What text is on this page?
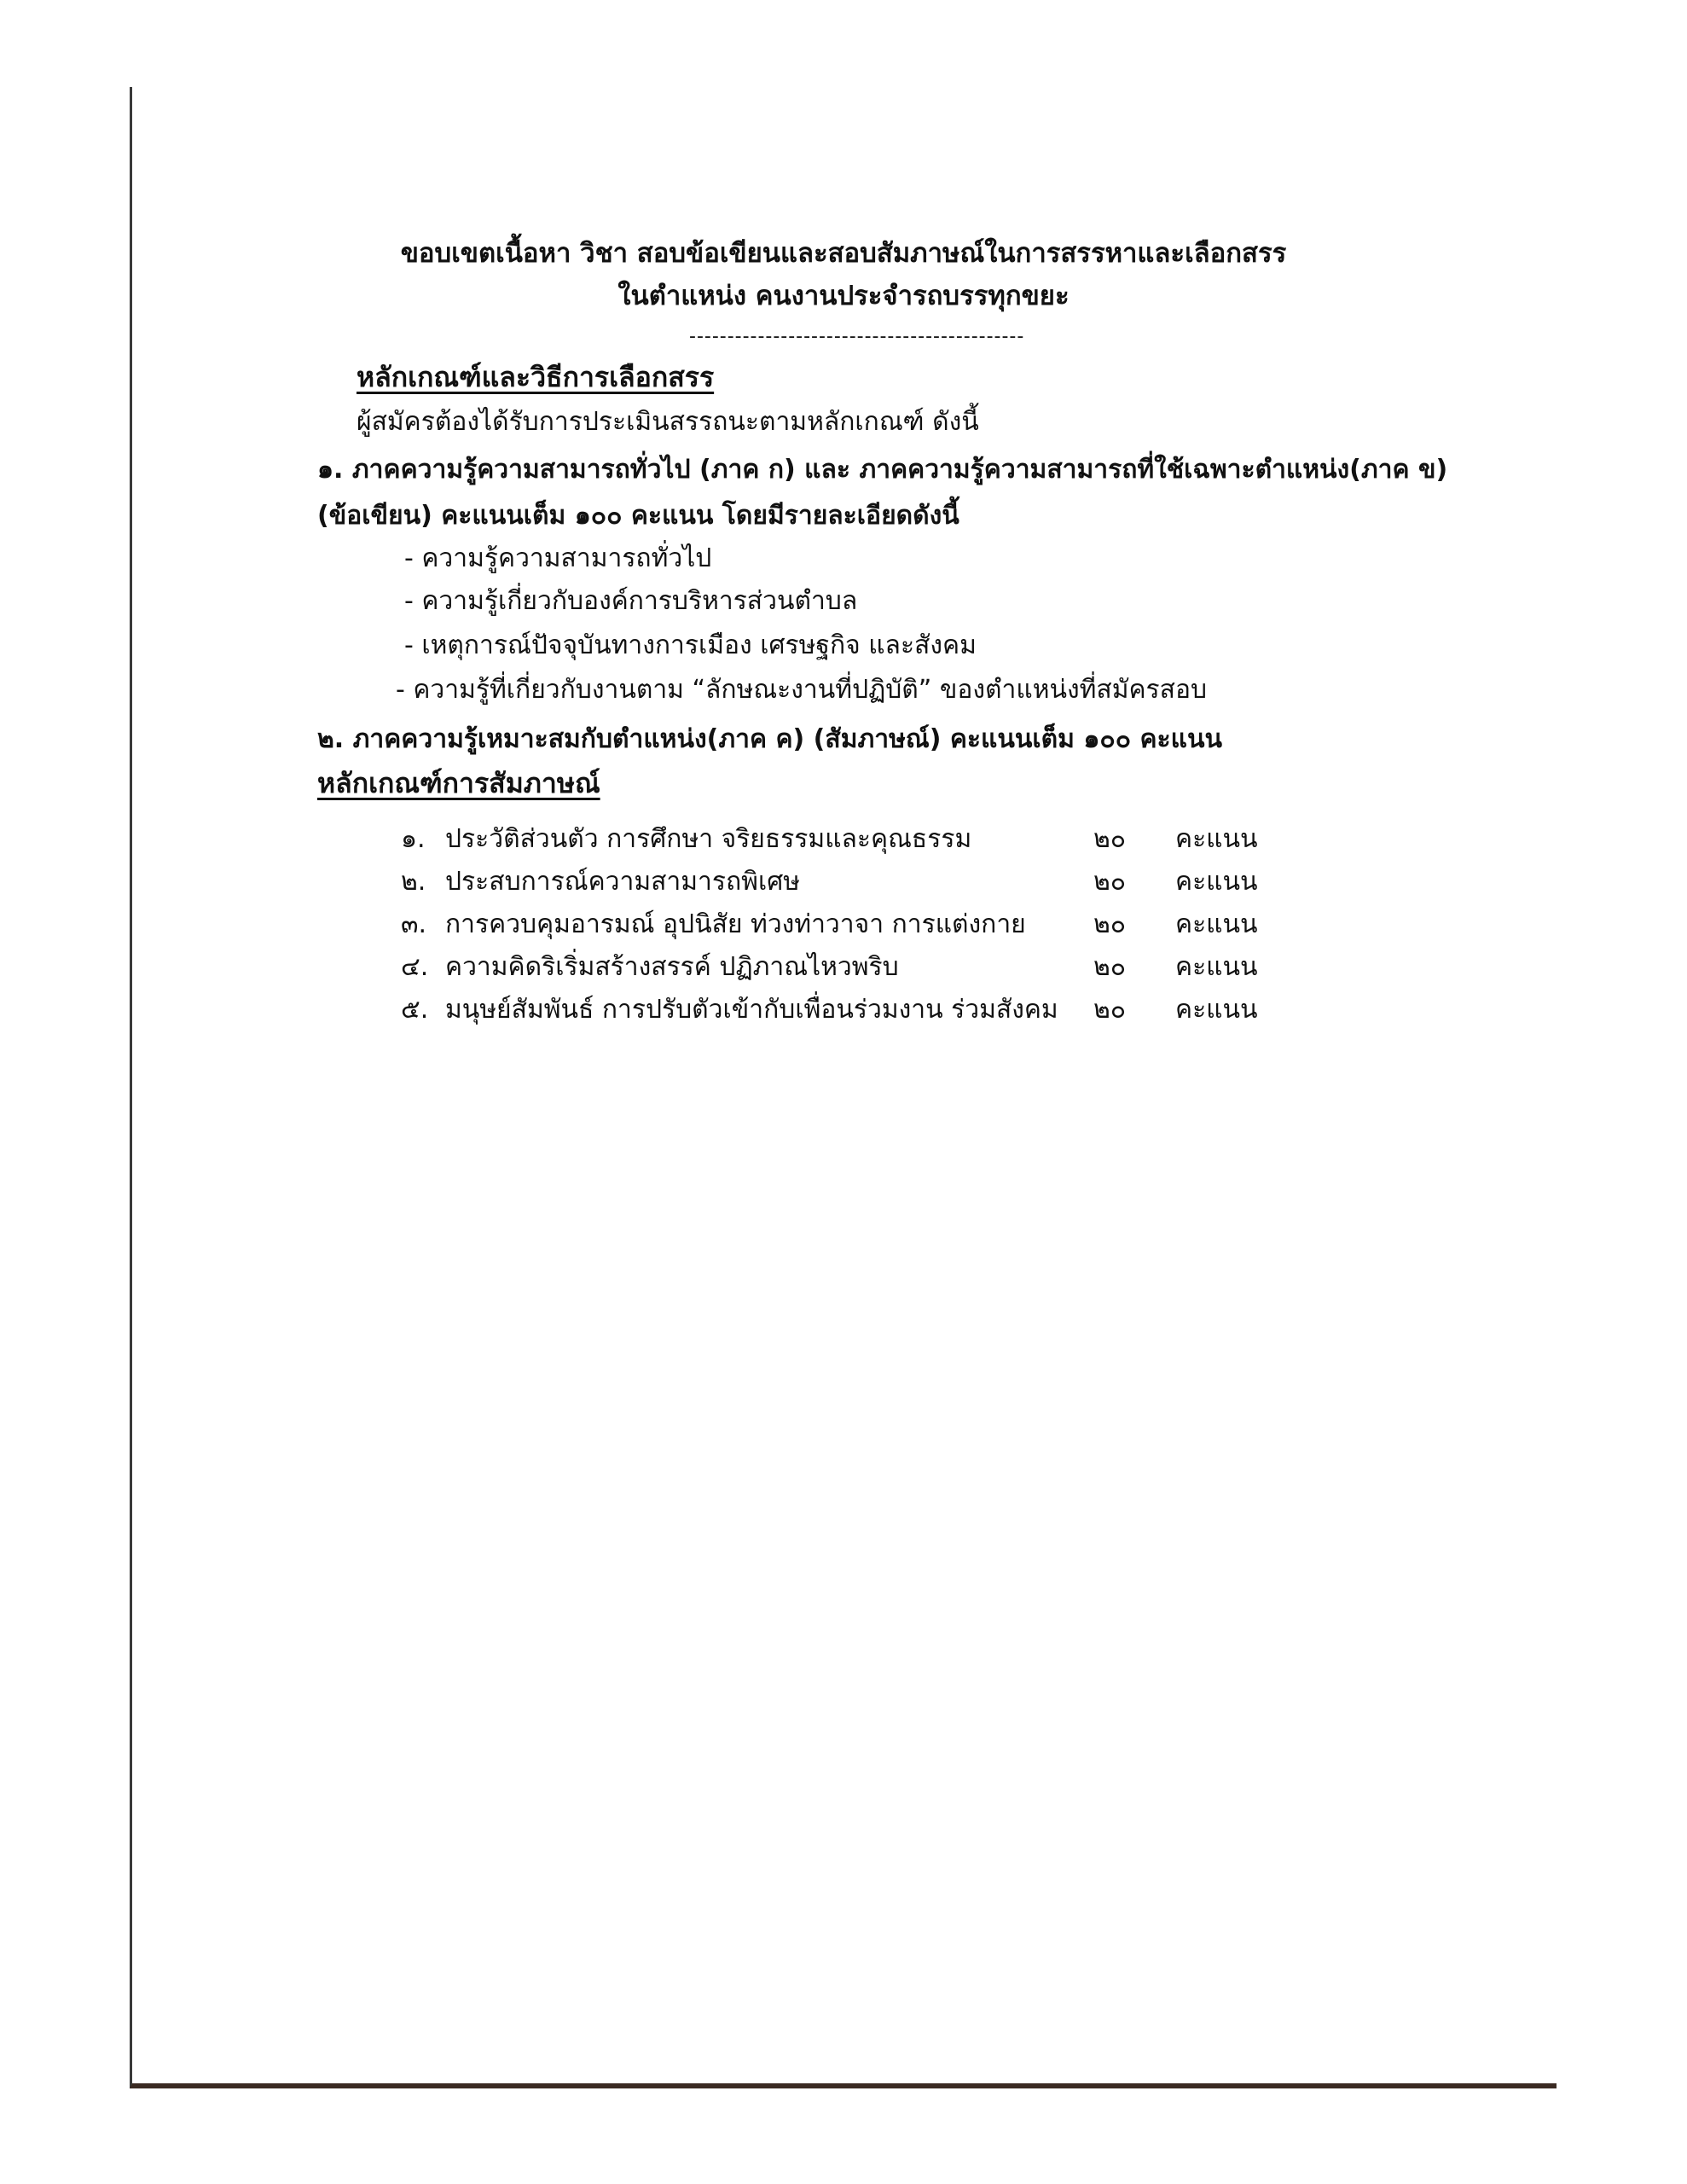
ขอบเขตเนื้อหา วิชา สอบข้อเขียนและสอบสัมภาษณ์ในการสรรหาและเลือกสรร
ในตำแหน่ง คนงานประจำรถบรรทุกขยะ
--------------------------------------------
หลักเกณฑ์และวิธีการเลือกสรร
ผู้สมัครต้องได้รับการประเมินสรรถนะตามหลักเกณฑ์ ดังนี้
๑. ภาคความรู้ความสามารถทั่วไป (ภาค ก) และ ภาคความรู้ความสามารถที่ใช้เฉพาะตำแหน่ง(ภาค ข)
(ข้อเขียน) คะแนนเต็ม ๑๐๐ คะแนน โดยมีรายละเอียดดังนี้
- ความรู้ความสามารถทั่วไป
- ความรู้เกี่ยวกับองค์การบริหารส่วนตำบล
- เหตุการณ์ปัจจุบันทางการเมือง เศรษฐกิจ และสังคม
- ความรู้ที่เกี่ยวกับงานตาม “ลักษณะงานที่ปฏิบัติ” ของตำแหน่งที่สมัครสอบ
๒. ภาคความรู้เหมาะสมกับตำแหน่ง(ภาค ค) (สัมภาษณ์) คะแนนเต็ม ๑๐๐ คะแนน
หลักเกณฑ์การสัมภาษณ์
๑. ประวัติส่วนตัว การศึกษา จริยธรรมและคุณธรรม	๒๐ คะแนน
๒. ประสบการณ์ความสามารถพิเศษ	๒๐ คะแนน
๓. การควบคุมอารมณ์ อุปนิสัย ท่วงท่าวาจา การแต่งกาย	๒๐ คะแนน
๔. ความคิดริเริ่มสร้างสรรค์ ปฏิภาณไหวพริบ	๒๐ คะแนน
๕. มนุษย์สัมพันธ์ การปรับตัวเข้ากับเพื่อนร่วมงาน ร่วมสังคม ๒๐ คะแนน
